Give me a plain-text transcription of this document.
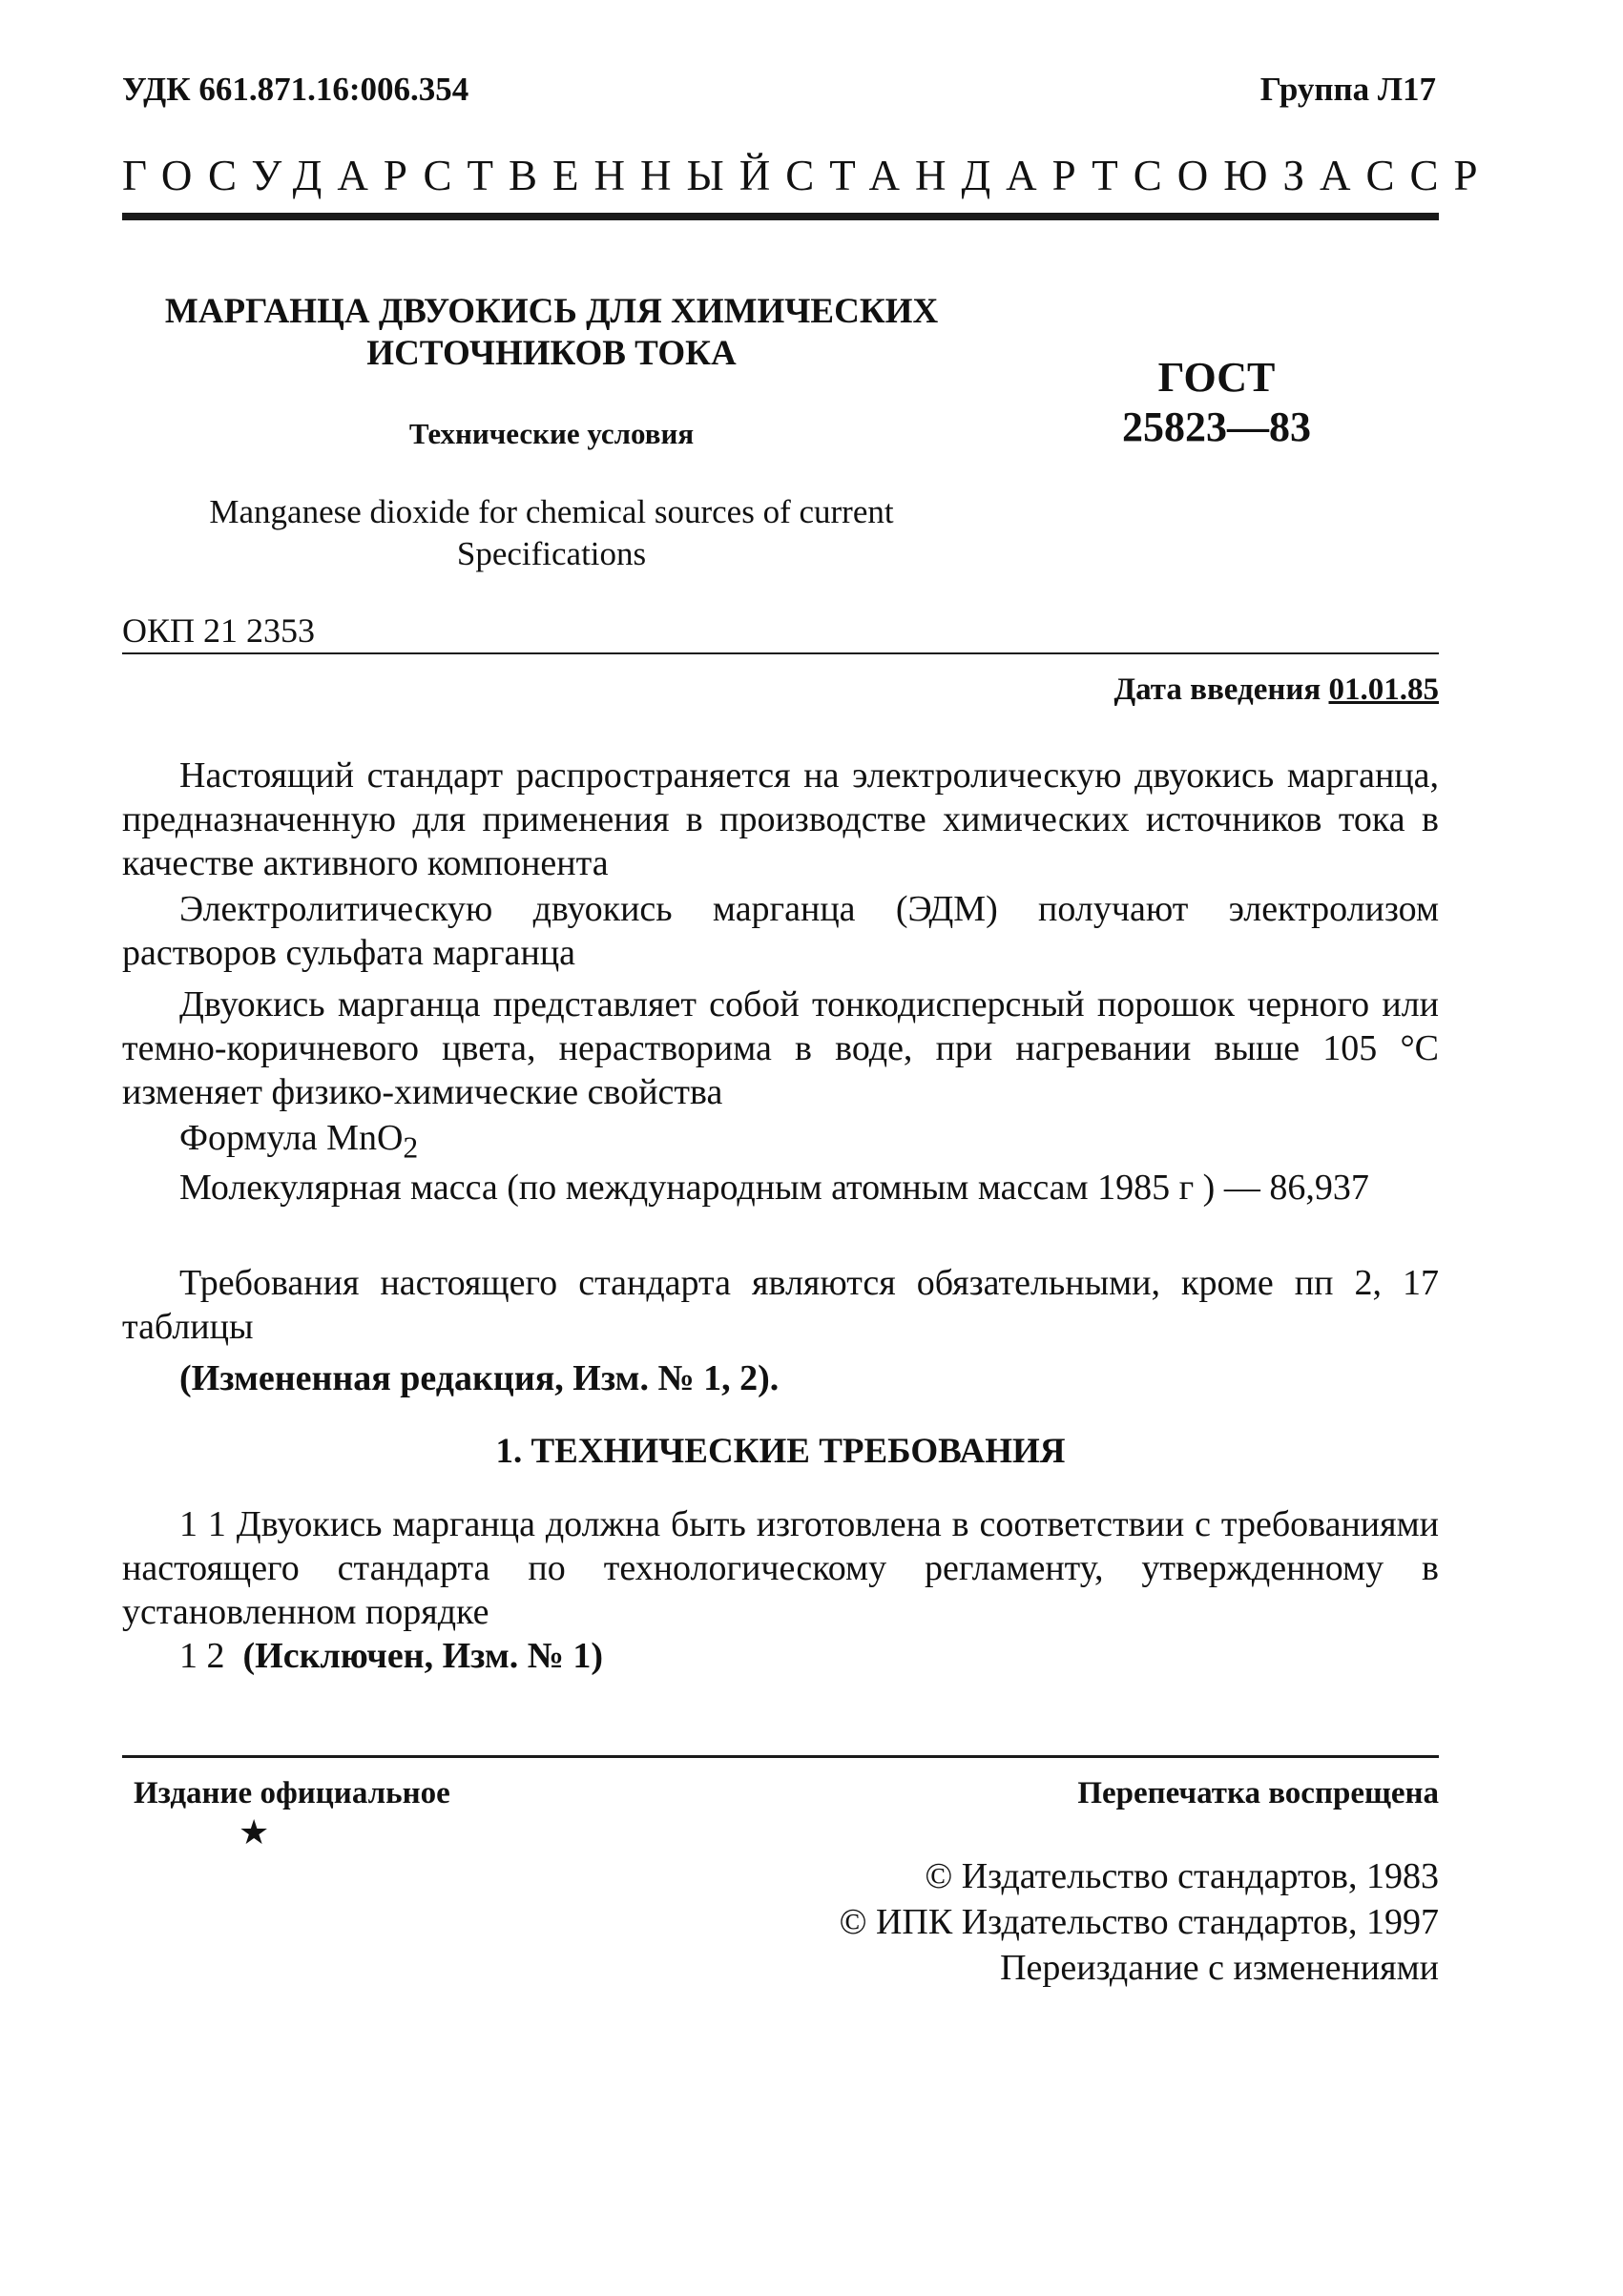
УДК 661.871.16:006.354	Группа Л17
ГОСУДАРСТВЕННЫЙ СТАНДАРТ СОЮЗА ССР
МАРГАНЦА ДВУОКИСЬ ДЛЯ ХИМИЧЕСКИХ
ИСТОЧНИКОВ ТОКА
Технические условия
Manganese dioxide for chemical sources of current
Specifications
ГОСТ
25823—83
ОКП 21 2353
Дата введения 01.01.85
Настоящий стандарт распространяется на электролическую двуокись марганца, предназначенную для применения в производстве химических источников тока в качестве активного компонента
Электролитическую двуокись марганца (ЭДМ) получают электролизом растворов сульфата марганца
Двуокись марганца представляет собой тонкодисперсный порошок черного или темно-коричневого цвета, нерастворима в воде, при нагревании выше 105 °С изменяет физико-химические свойства
Формула MnO$_2$
Молекулярная масса (по международным атомным массам 1985 г ) — 86,937
Требования настоящего стандарта являются обязательными, кроме пп 2, 17 таблицы
(Измененная редакция, Изм. № 1, 2).
1. ТЕХНИЧЕСКИЕ ТРЕБОВАНИЯ
1 1 Двуокись марганца должна быть изготовлена в соответствии с требованиями настоящего стандарта по технологическому регламенту, утвержденному в установленном порядке
1 2 (Исключен, Изм. № 1)
Издание официальное
★
Перепечатка воспрещена
© Издательство стандартов, 1983
© ИПК Издательство стандартов, 1997
Переиздание с изменениями
